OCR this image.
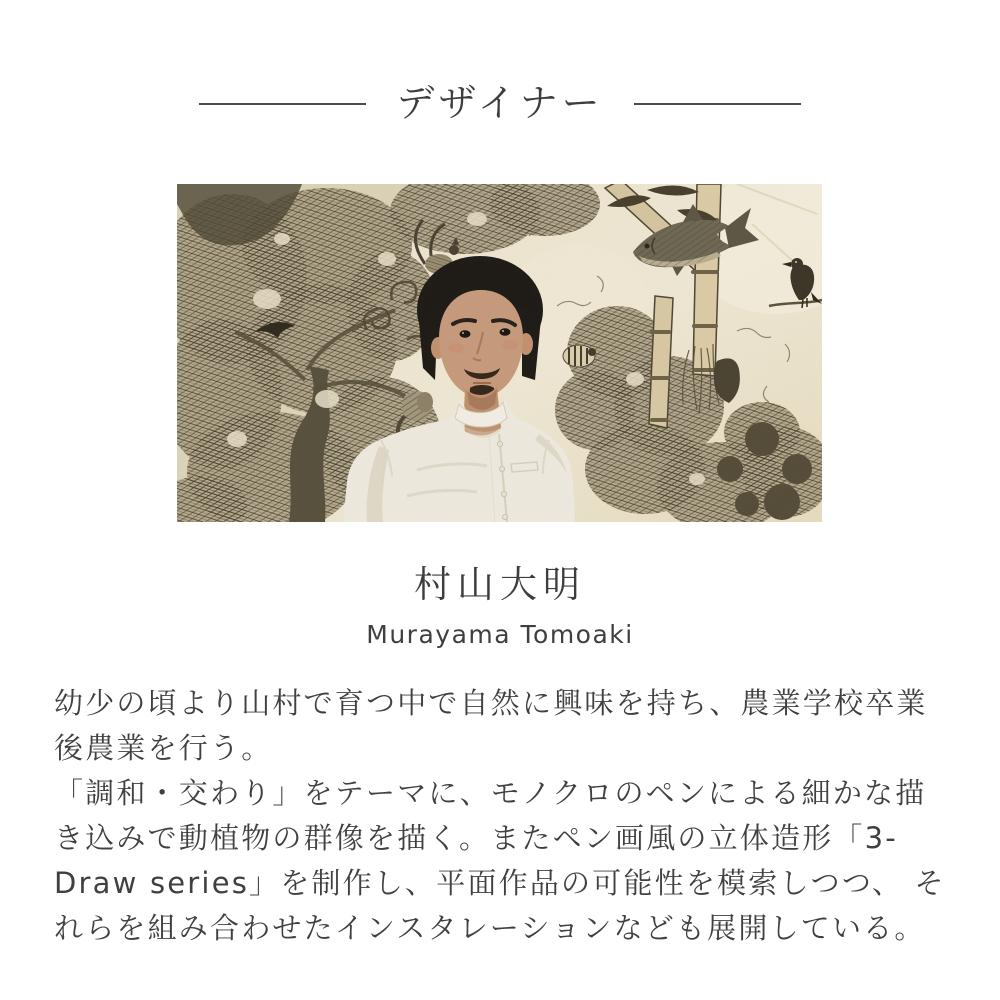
デザイナー
村山大明

Murayama Tomoaki

幼少の頃より山村で育つ中で自然に興味を持ち、農業学校卒業後農業を行う。

「調和・交わり」をテーマに、モノクロのペンによる細かな描き込みで動植物の群像を描く。またペン画風の立体造形「3-Draw series」を制作し、平面作品の可能性を模索しつつ、 それらを組み合わせたインスタレーションなども展開している。
